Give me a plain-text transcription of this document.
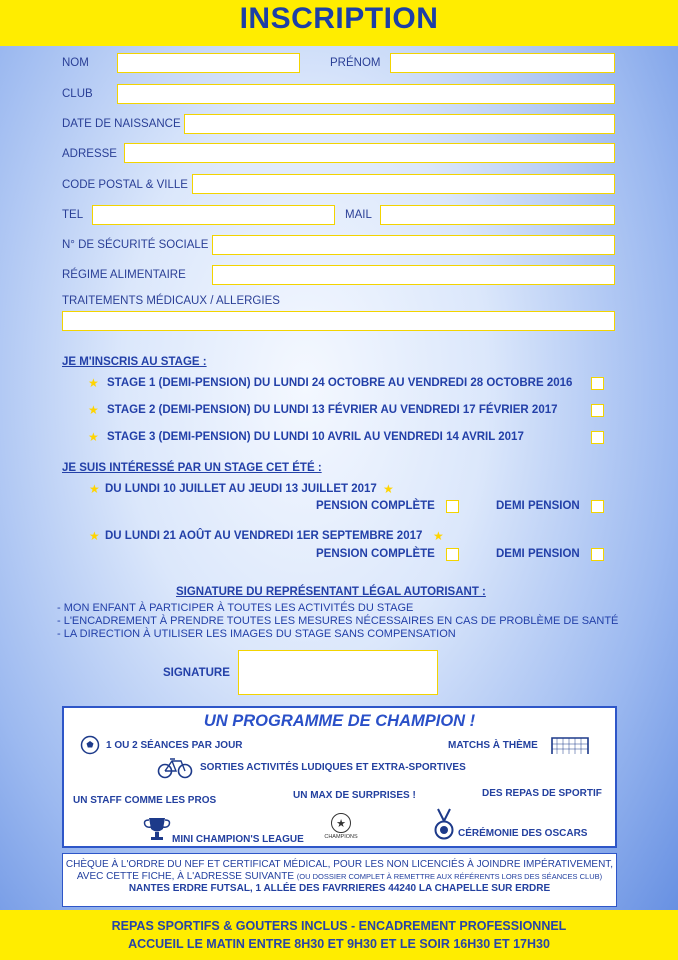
INSCRIPTION
NOM	PRÉNOM
CLUB
DATE DE NAISSANCE
ADRESSE
CODE POSTAL & VILLE
TEL	MAIL
N° DE SÉCURITÉ SOCIALE
RÉGIME ALIMENTAIRE
TRAITEMENTS MÉDICAUX / ALLERGIES
JE M'INSCRIS AU STAGE :
★ STAGE 1 (DEMI-PENSION) DU LUNDI 24 OCTOBRE AU VENDREDI 28 OCTOBRE 2016
★ STAGE 2 (DEMI-PENSION) DU LUNDI 13 FÉVRIER AU VENDREDI 17 FÉVRIER 2017
★ STAGE 3 (DEMI-PENSION) DU LUNDI 10 AVRIL AU VENDREDI 14 AVRIL 2017
JE SUIS INTÉRESSÉ PAR UN STAGE CET ÉTÉ :
★ DU LUNDI 10 JUILLET AU JEUDI 13 JUILLET 2017 ★
PENSION COMPLÈTE	DEMI PENSION
★ DU LUNDI 21 AOÛT AU VENDREDI 1ER SEPTEMBRE 2017 ★
PENSION COMPLÈTE	DEMI PENSION
SIGNATURE DU REPRÉSENTANT LÉGAL AUTORISANT :
- MON ENFANT À PARTICIPER À TOUTES LES ACTIVITÉS DU STAGE
- L'ENCADREMENT À PRENDRE TOUTES LES MESURES NÉCESSAIRES EN CAS DE PROBLÈME DE SANTÉ
- LA DIRECTION À UTILISER LES IMAGES DU STAGE SANS COMPENSATION
SIGNATURE
UN PROGRAMME DE CHAMPION !
1 OU 2 SÉANCES PAR JOUR	MATCHS À THÈME
SORTIES ACTIVITÉS LUDIQUES ET EXTRA-SPORTIVES
UN STAFF COMME LES PROS	UN MAX DE SURPRISES !	DES REPAS DE SPORTIF
MINI CHAMPION'S LEAGUE
★
CHAMPIONS	CÉRÉMONIE DES OSCARS
CHÈQUE À L'ORDRE DU NEF ET CERTIFICAT MÉDICAL, POUR LES NON LICENCIÉS À JOINDRE IMPÉRATIVEMENT,
AVEC CETTE FICHE, À L'ADRESSE SUIVANTE (OU DOSSIER COMPLET À REMETTRE AUX RÉFÉRENTS LORS DES SÉANCES CLUB)
NANTES ERDRE FUTSAL, 1 ALLÉE DES FAVRRIERES 44240 LA CHAPELLE SUR ERDRE
REPAS SPORTIFS & GOUTERS INCLUS - ENCADREMENT PROFESSIONNEL
ACCUEIL LE MATIN ENTRE 8H30 ET 9H30 ET LE SOIR 16H30 ET 17H30
